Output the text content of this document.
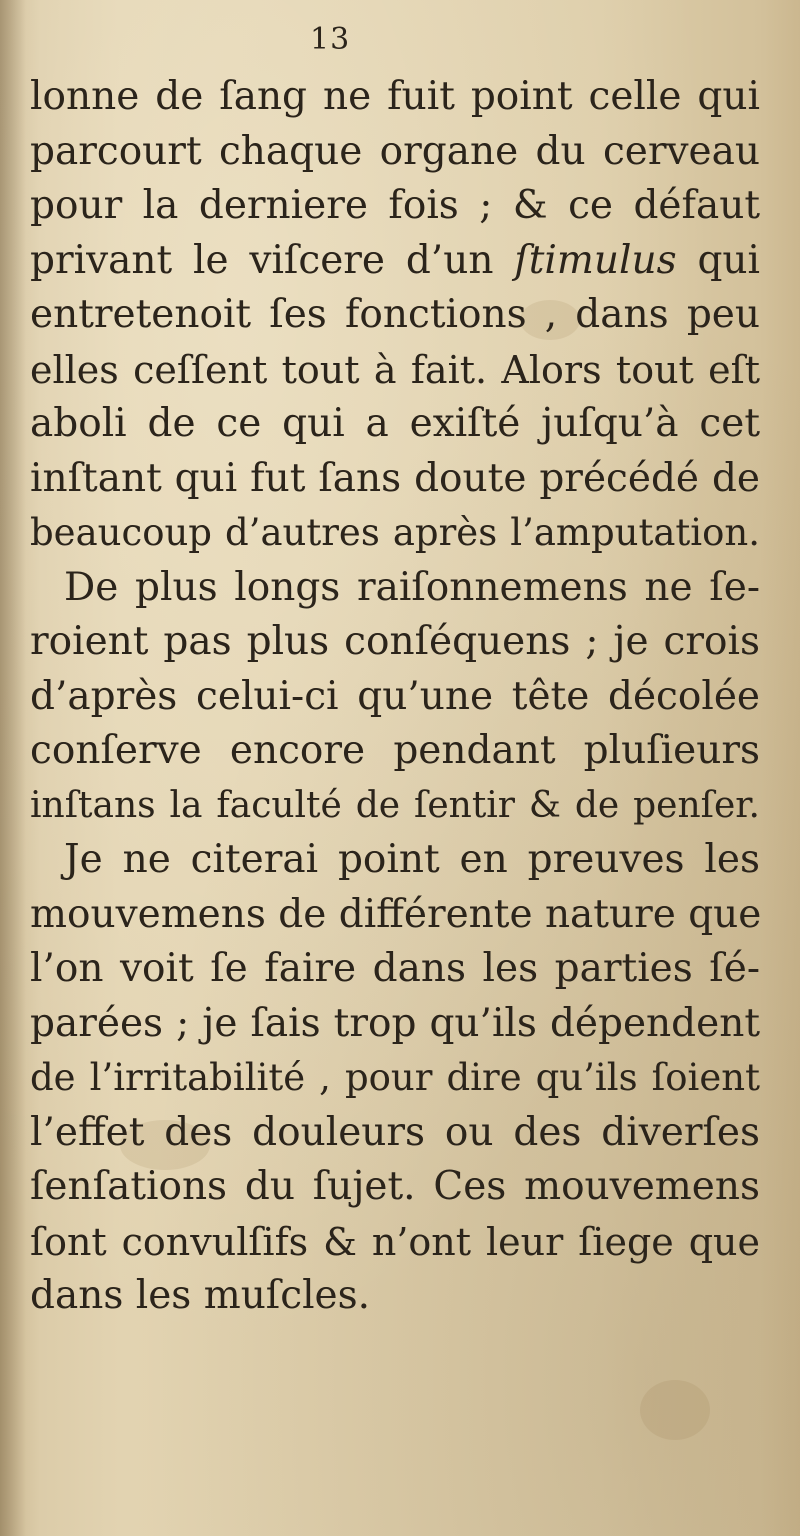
13
lonne de ſang ne fuit point celle qui
parcourt chaque organe du cerveau
pour la derniere fois ; & ce défaut
privant le viſcere d’un ſtimulus qui
entretenoit ſes fonctions , dans peu
elles ceſſent tout à fait. Alors tout eſt
aboli de ce qui a exiſté juſqu’à cet
inſtant qui fut ſans doute précédé de
beaucoup d’autres après l’amputation.
De plus longs raiſonnemens ne ſe-
roient pas plus conſéquens ; je crois
d’après celui-ci qu’une tête décolée
conſerve encore pendant pluſieurs
inſtans la faculté de ſentir & de penſer.
Je ne citerai point en preuves les
mouvemens de différente nature que
l’on voit ſe faire dans les parties ſé-
parées ; je ſais trop qu’ils dépendent
de l’irritabilité , pour dire qu’ils ſoient
l’effet des douleurs ou des diverſes
ſenſations du ſujet. Ces mouvemens
ſont convulſifs & n’ont leur ſiege que
dans les muſcles.
